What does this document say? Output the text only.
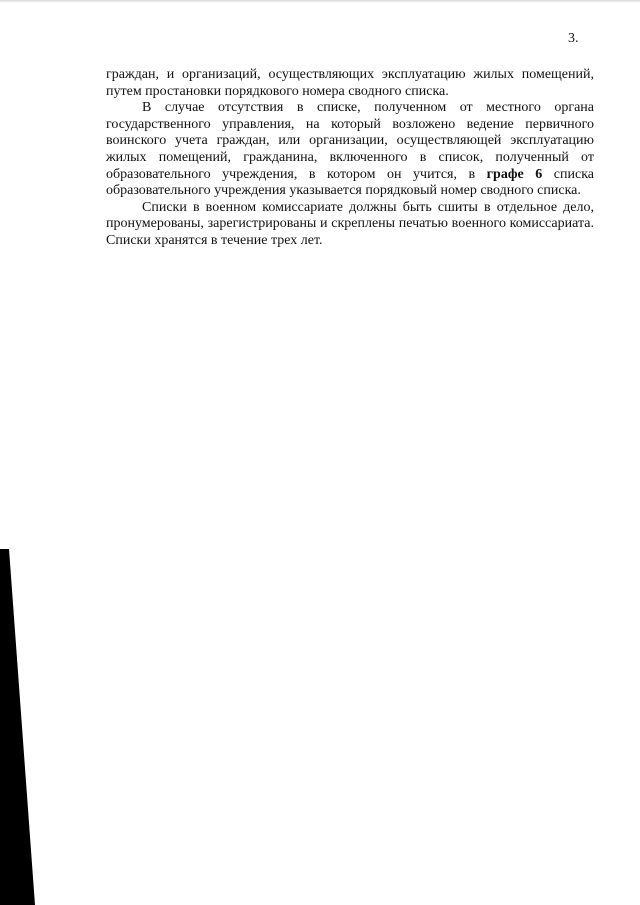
3.

граждан, и организаций, осуществляющих эксплуатацию жилых помещений, путем простановки порядкового номера сводного списка.

В случае отсутствия в списке, полученном от местного органа государственного управления, на который возложено ведение первичного воинского учета граждан, или организации, осуществляющей эксплуатацию жилых помещений, гражданина, включенного в список, полученный от образовательного учреждения, в котором он учится, в графе 6 списка образовательного учреждения указывается порядковый номер сводного списка.

Списки в военном комиссариате должны быть сшиты в отдельное дело, пронумерованы, зарегистрированы и скреплены печатью военного комиссариата. Списки хранятся в течение трех лет.
